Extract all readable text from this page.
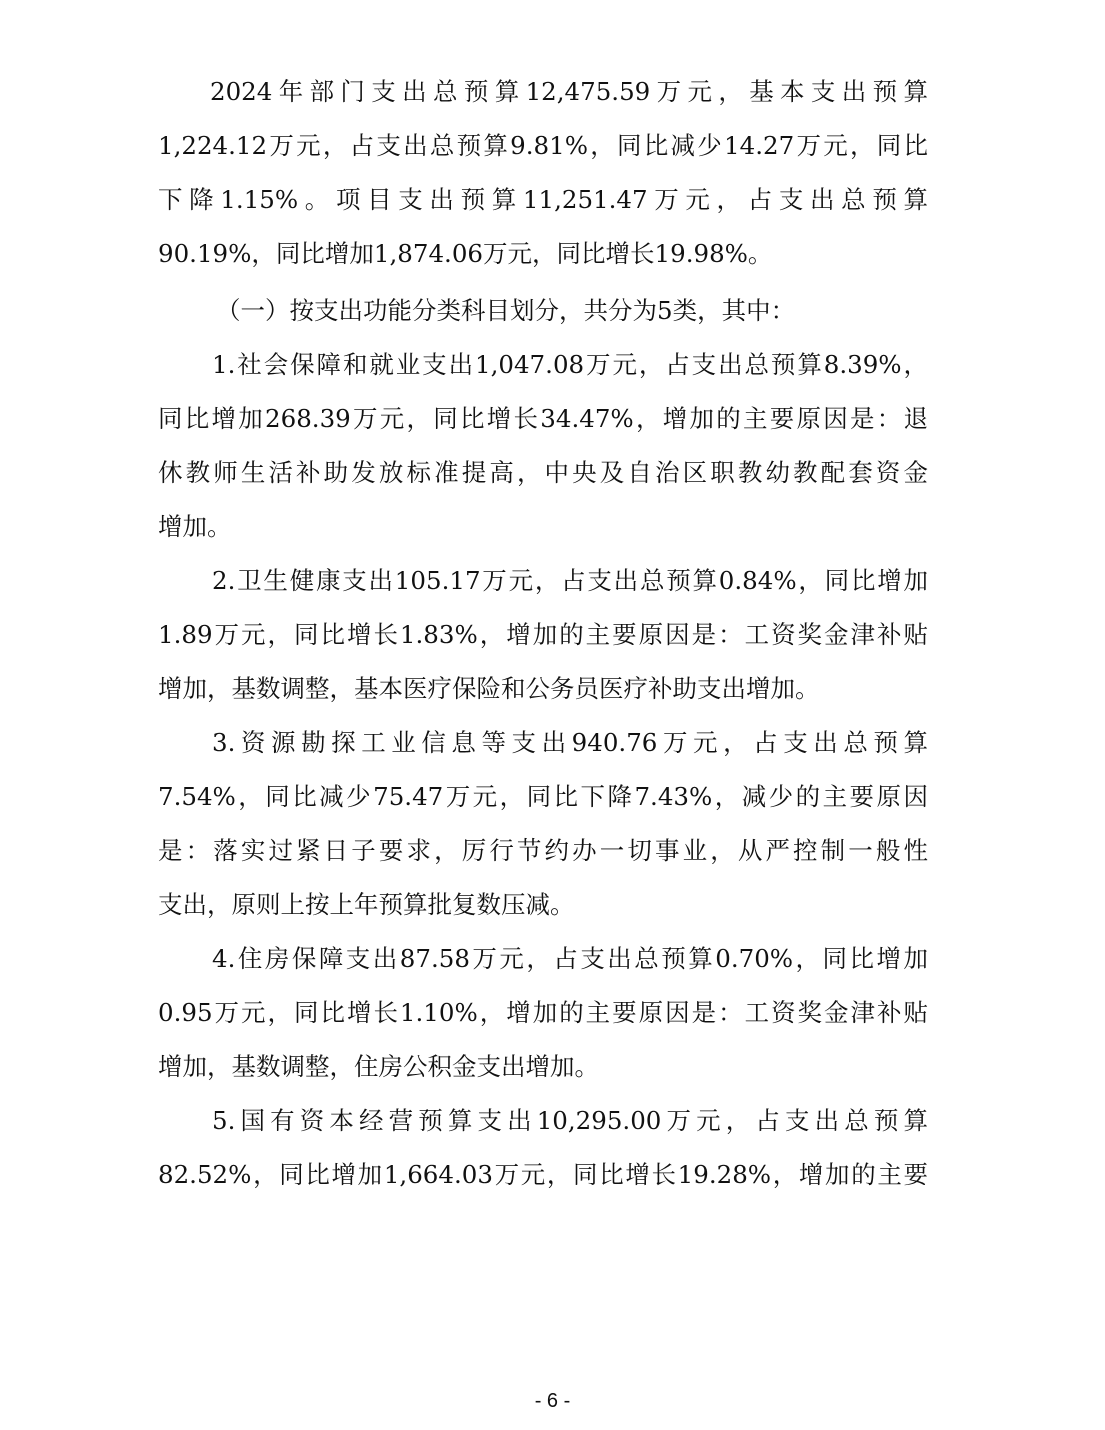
2024年部门支出总预算12,475.59万元，基本支出预算
1,224.12万元，占支出总预算9.81%，同比减少14.27万元，同比
下降1.15%。项目支出预算11,251.47万元，占支出总预算
90.19%，同比增加1,874.06万元，同比增长19.98%。
（一）按支出功能分类科目划分，共分为5类，其中：
1.社会保障和就业支出1,047.08万元，占支出总预算8.39%，
同比增加268.39万元，同比增长34.47%，增加的主要原因是：退
休教师生活补助发放标准提高，中央及自治区职教幼教配套资金
增加。
2.卫生健康支出105.17万元，占支出总预算0.84%，同比增加
1.89万元，同比增长1.83%，增加的主要原因是：工资奖金津补贴
增加，基数调整，基本医疗保险和公务员医疗补助支出增加。
3.资源勘探工业信息等支出940.76万元，占支出总预算
7.54%，同比减少75.47万元，同比下降7.43%，减少的主要原因
是：落实过紧日子要求，厉行节约办一切事业，从严控制一般性
支出，原则上按上年预算批复数压减。
4.住房保障支出87.58万元，占支出总预算0.70%，同比增加
0.95万元，同比增长1.10%，增加的主要原因是：工资奖金津补贴
增加，基数调整，住房公积金支出增加。
5.国有资本经营预算支出10,295.00万元，占支出总预算
82.52%，同比增加1,664.03万元，同比增长19.28%，增加的主要
- 6 -
